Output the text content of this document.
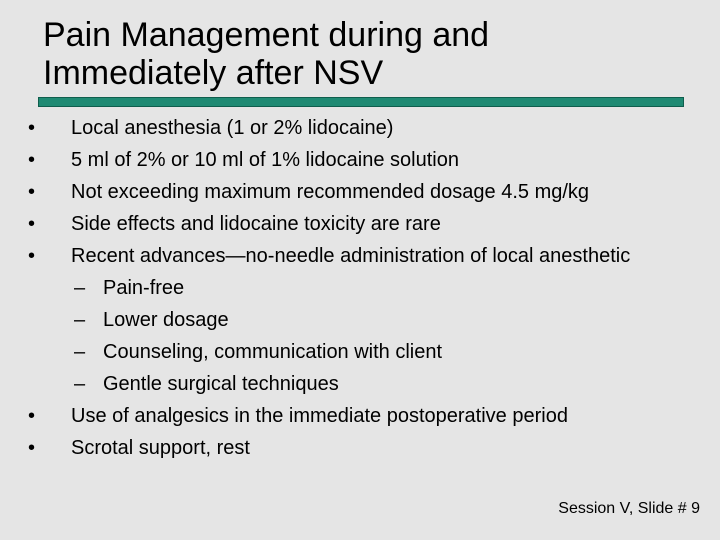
Pain Management during and
Immediately after NSV
• Local anesthesia (1 or 2% lidocaine)
• 5 ml of 2% or 10 ml of 1% lidocaine solution
• Not exceeding maximum recommended dosage 4.5 mg/kg
• Side effects and lidocaine toxicity are rare
• Recent advances—no-needle administration of local anesthetic
– Pain-free
– Lower dosage
– Counseling, communication with client
– Gentle surgical techniques
• Use of analgesics in the immediate postoperative period
• Scrotal support, rest
Session V, Slide # 9
